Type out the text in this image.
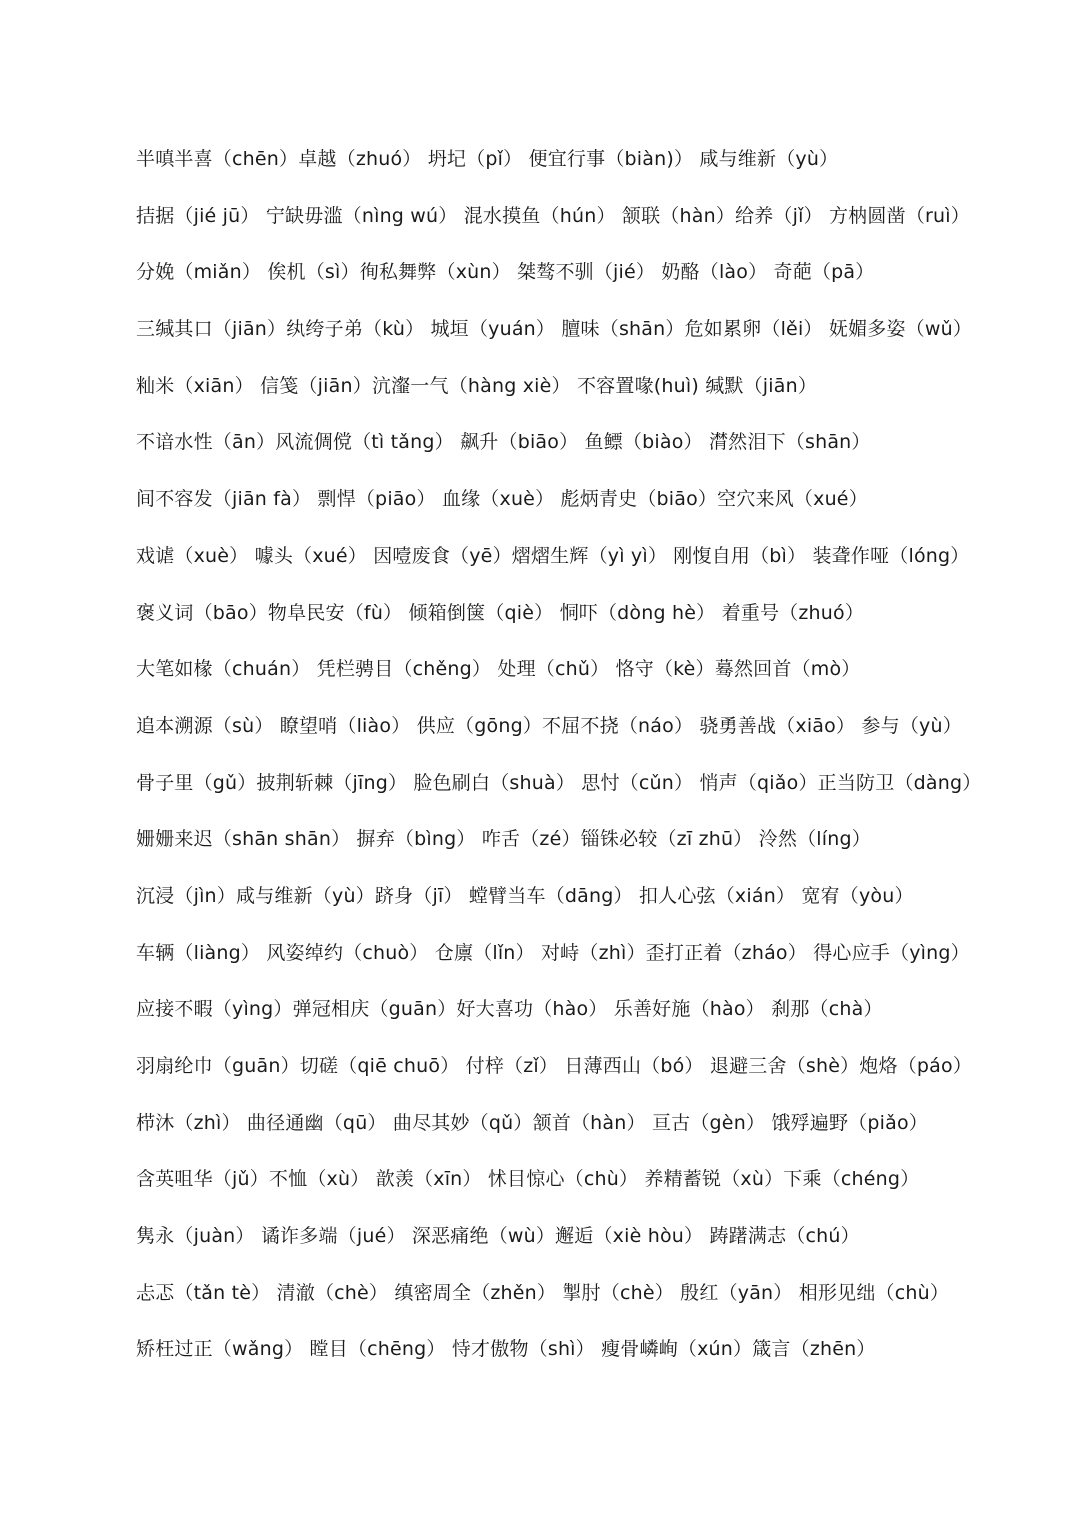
半嗔半喜（chēn）卓越（zhuó） 坍圮（pǐ） 便宜行事（biàn)） 咸与维新（yù）
拮据（jié jū） 宁缺毋滥（nìng wú） 混水摸鱼（hún） 颔联（hàn）给养（jǐ） 方枘圆凿（ruì）
分娩（miǎn） 俟机（sì）徇私舞弊（xùn） 桀骜不驯（jié） 奶酪（lào） 奇葩（pā）
三缄其口（jiān）纨绔子弟（kù） 城垣（yuán） 膻味（shān）危如累卵（lěi） 妩媚多姿（wǔ）
籼米（xiān） 信笺（jiān）沆瀣一气（hàng xiè） 不容置喙(huì) 缄默（jiān）
不谙水性（ān）风流倜傥（tì tǎng） 飙升（biāo） 鱼鳔（biào） 潸然泪下（shān）
间不容发（jiān fà） 剽悍（piāo） 血缘（xuè） 彪炳青史（biāo）空穴来风（xué）
戏谑（xuè） 噱头（xué） 因噎废食（yē）熠熠生辉（yì yì） 刚愎自用（bì） 装聋作哑（lóng）
褒义词（bāo）物阜民安（fù） 倾箱倒箧（qiè） 恫吓（dòng hè） 着重号（zhuó）
大笔如椽（chuán） 凭栏骋目（chěng） 处理（chǔ） 恪守（kè）蓦然回首（mò）
追本溯源（sù） 瞭望哨（liào） 供应（gōng）不屈不挠（náo） 骁勇善战（xiāo） 参与（yù）
骨子里（gǔ）披荆斩棘（jīng） 脸色刷白（shuà） 思忖（cǔn） 悄声（qiǎo）正当防卫（dàng）
姗姗来迟（shān shān） 摒弃（bìng） 咋舌（zé）锱铢必较（zī zhū） 泠然（líng）
沉浸（jìn）咸与维新（yù）跻身（jī） 螳臂当车（dāng） 扣人心弦（xián） 宽宥（yòu）
车辆（liàng） 风姿绰约（chuò） 仓廪（lǐn） 对峙（zhì）歪打正着（zháo） 得心应手（yìng）
应接不暇（yìng）弹冠相庆（guān）好大喜功（hào） 乐善好施（hào） 刹那（chà）
羽扇纶巾（guān）切磋（qiē chuō） 付梓（zǐ） 日薄西山（bó） 退避三舍（shè）炮烙（páo）
栉沐（zhì） 曲径通幽（qū） 曲尽其妙（qǔ）颔首（hàn） 亘古（gèn） 饿殍遍野（piǎo）
含英咀华（jǔ）不恤（xù） 歆羡（xīn） 怵目惊心（chù） 养精蓄锐（xù）下乘（chéng）
隽永（juàn） 谲诈多端（jué） 深恶痛绝（wù）邂逅（xiè hòu） 踌躇满志（chú）
忐忑（tǎn tè） 清澈（chè） 缜密周全（zhěn） 掣肘（chè） 殷红（yān） 相形见绌（chù）
矫枉过正（wǎng） 瞠目（chēng） 恃才傲物（shì） 瘦骨嶙峋（xún）箴言（zhēn）
